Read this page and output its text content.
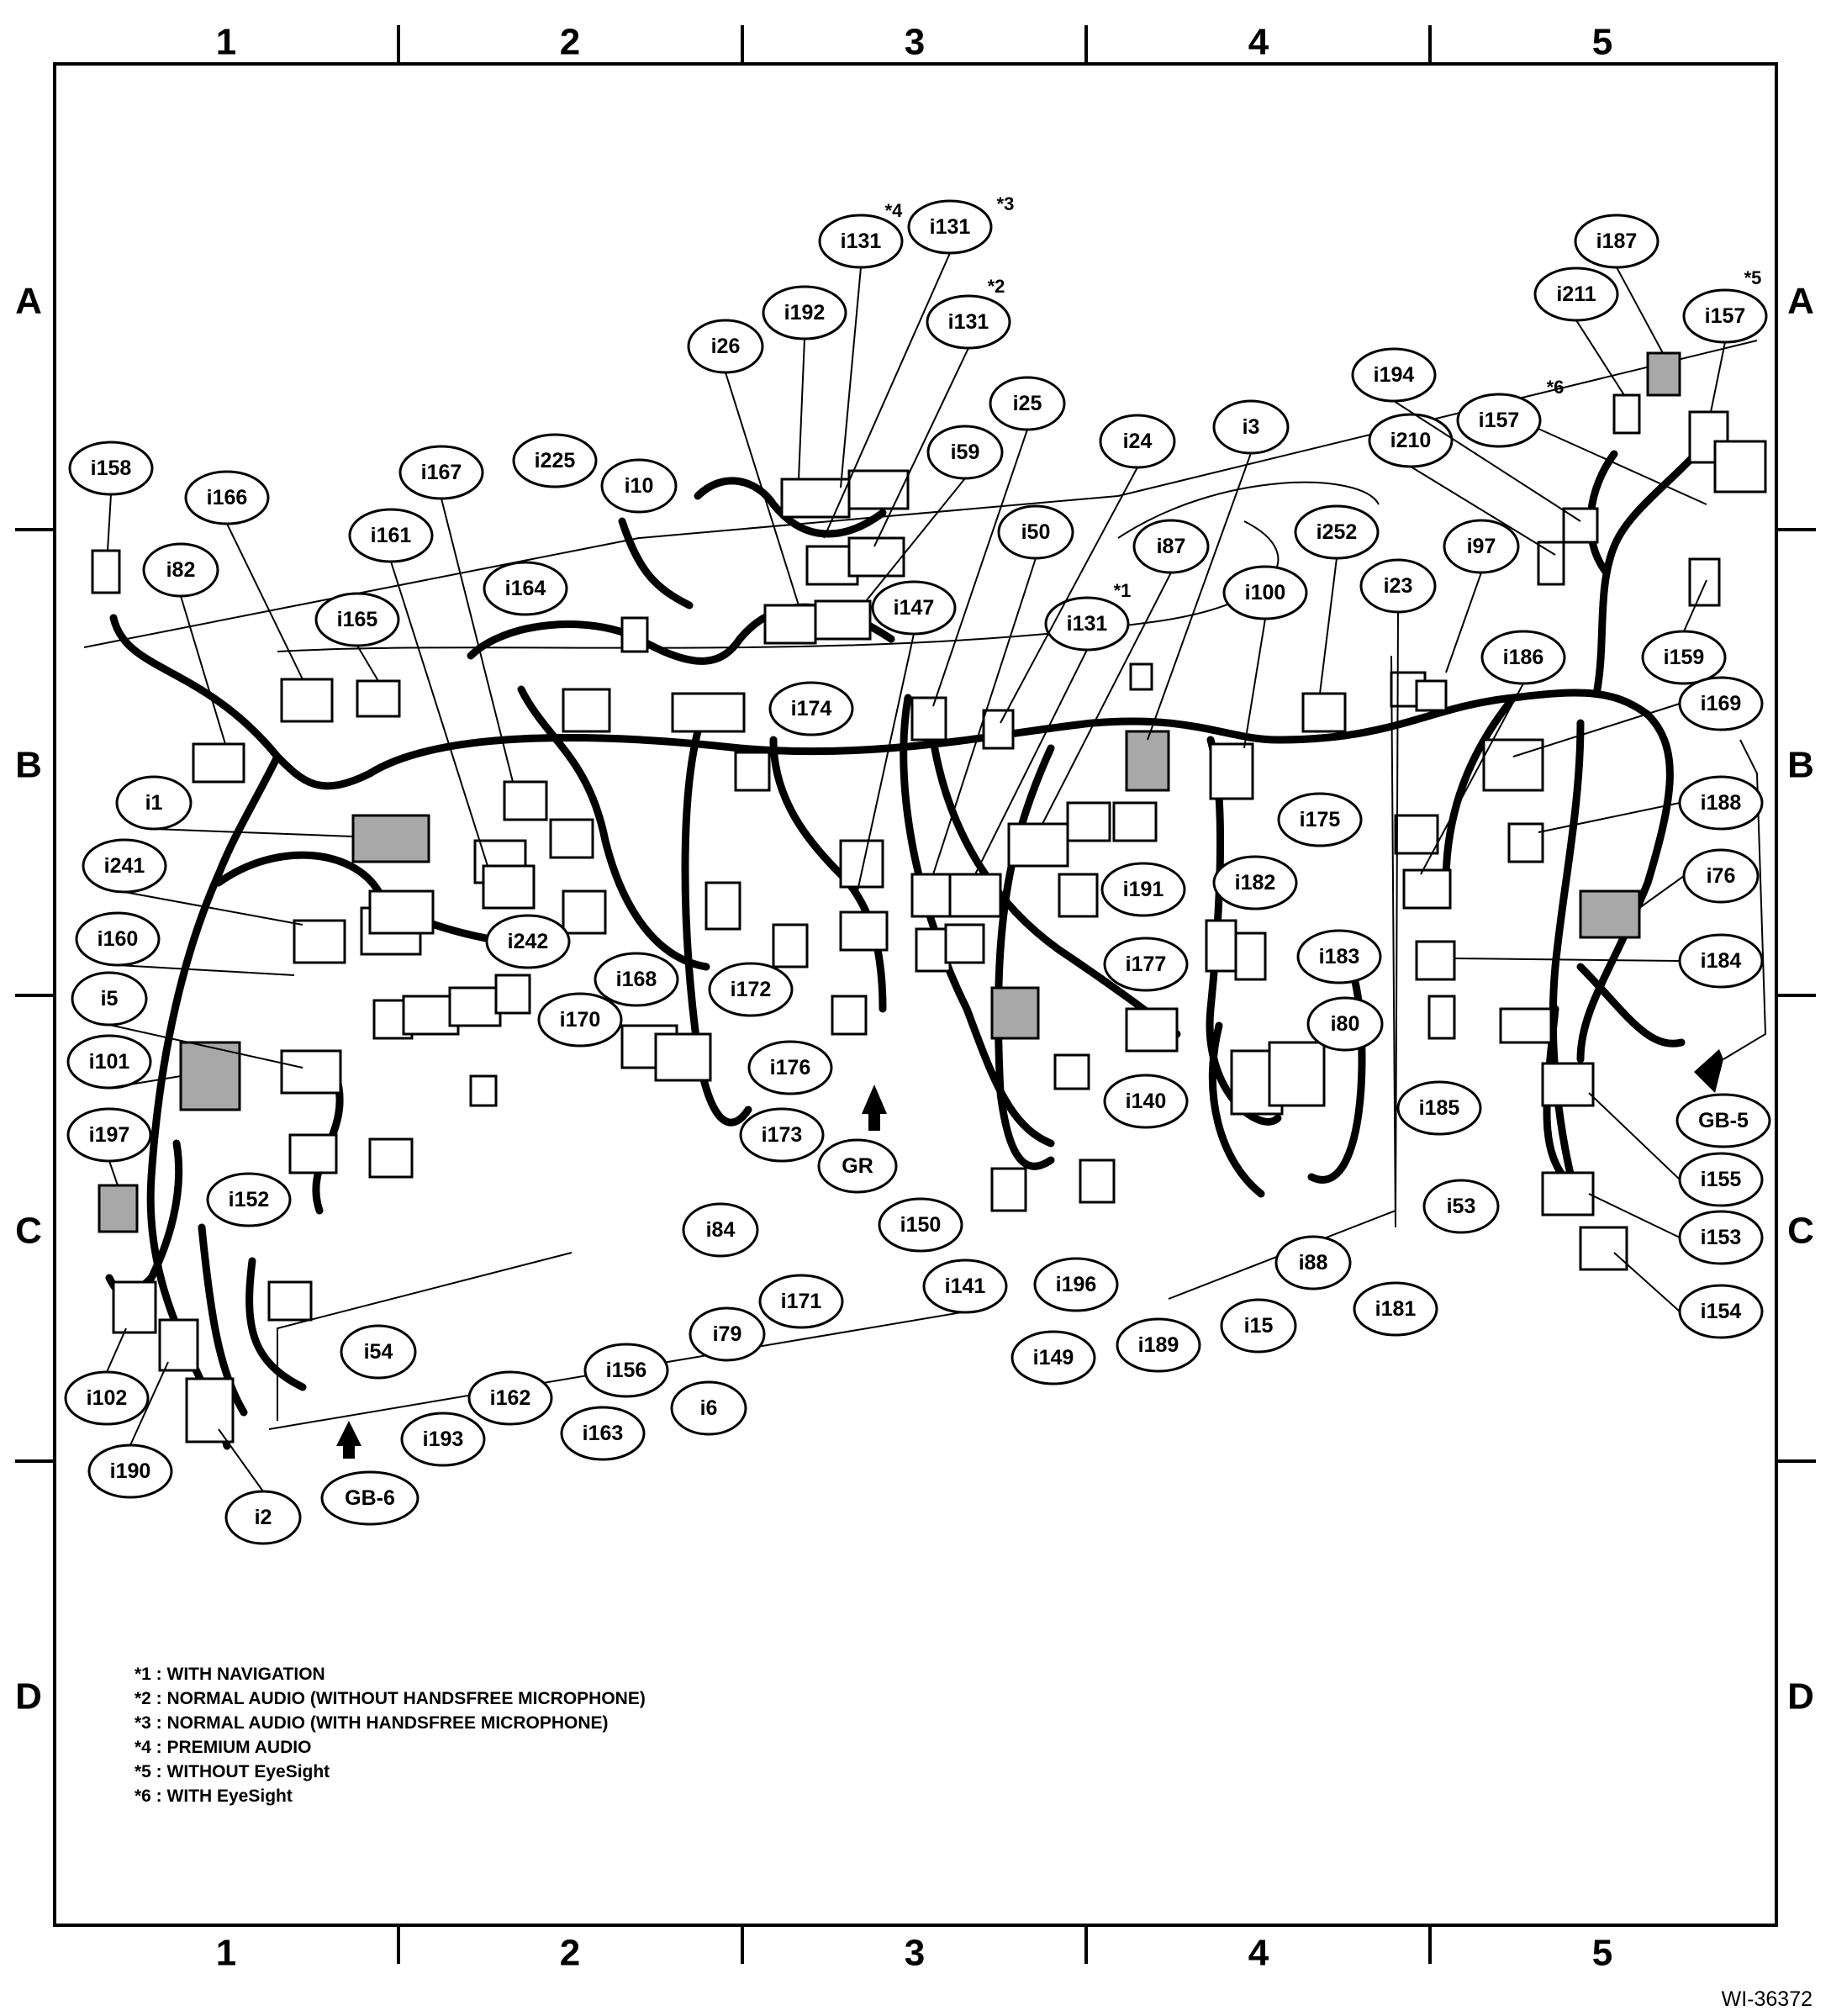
1	2	3	4	5
1	2	3	4	5
A
B
C
D
A
B
C
D
i131
*4
i131
*3
i131
*2
i192
i26
i187
i211
i157
*5
i157
*6
i194
i210
i158
i166
i82
i167	i225
i10
i161
i165
i164
i25
i59	i24
i3
i50
i147
i131
*1
i87
i252
i100	i23
i97
i186	i159
i169
i174
i1
i175
i188
i241
i191	i182	i76
i160	i242
i168	i172
i177	i183	i184
i5
i170	i80
i101	i176
i140	i185
GB-5
i197	i173
i155
GR
i152
i84	i150
i53
i153
i88
i141	i196
i171	i154
i79	i189
i15
i181
i54	i149
i156
i102	i162	i6
i193	i163
i190
GB-6
i2
*1 : WITH NAVIGATION
*2 : NORMAL AUDIO (WITHOUT HANDSFREE MICROPHONE)
*3 : NORMAL AUDIO (WITH HANDSFREE MICROPHONE)
*4 : PREMIUM AUDIO
*5 : WITHOUT EyeSight
*6 : WITH EyeSight
WI-36372
